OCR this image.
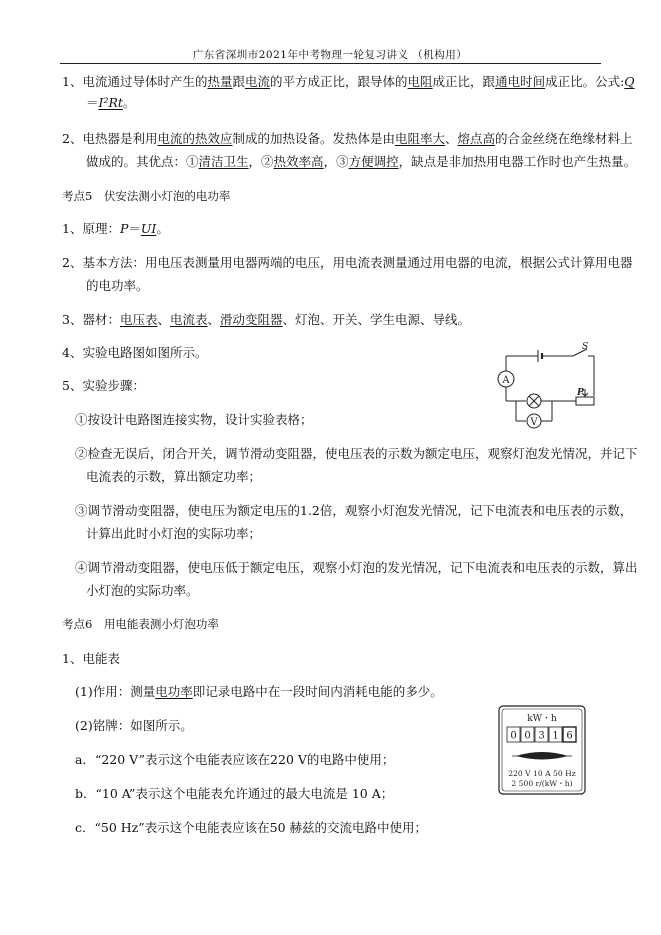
广东省深圳市2021年中考物理一轮复习讲义 （机构用）
1、电流通过导体时产生的热量跟电流的平方成正比，跟导体的电阻成正比，跟通电时间成正比。公式:Q
＝I²Rt。
2、电热器是利用电流的热效应制成的加热设备。发热体是由电阻率大、熔点高的合金丝绕在绝缘材料上
做成的。其优点：①清洁卫生，②热效率高，③方便调控，缺点是非加热用电器工作时也产生热量。
考点5　伏安法测小灯泡的电功率
1、原理：P＝UI。
2、基本方法：用电压表测量用电器两端的电压，用电流表测量通过用电器的电流，根据公式计算用电器
的电功率。
3、器材：电压表、电流表、滑动变阻器、灯泡、开关、学生电源、导线。
4、实验电路图如图所示。
5、实验步骤：
①按设计电路图连接实物，设计实验表格；
②检查无误后，闭合开关，调节滑动变阻器，使电压表的示数为额定电压，观察灯泡发光情况，并记下
电流表的示数，算出额定功率；
③调节滑动变阻器，使电压为额定电压的1.2倍，观察小灯泡发光情况，记下电流表和电压表的示数，
计算出此时小灯泡的实际功率；
④调节滑动变阻器，使电压低于额定电压，观察小灯泡的发光情况，记下电流表和电压表的示数，算出
小灯泡的实际功率。
A
V
S
P
考点6　用电能表测小灯泡功率
1、电能表
(1)作用：测量电功率即记录电路中在一段时间内消耗电能的多少。
(2)铭牌：如图所示。
a．“220 V”表示这个电能表应该在220 V的电路中使用；
b．“10 A”表示这个电能表允许通过的最大电流是 10 A；
c．“50 Hz”表示这个电能表应该在50 赫兹的交流电路中使用；
kW・h
0 0 3 1 6
220 V 10 A 50 Hz
2 500 r/(kW・h)
